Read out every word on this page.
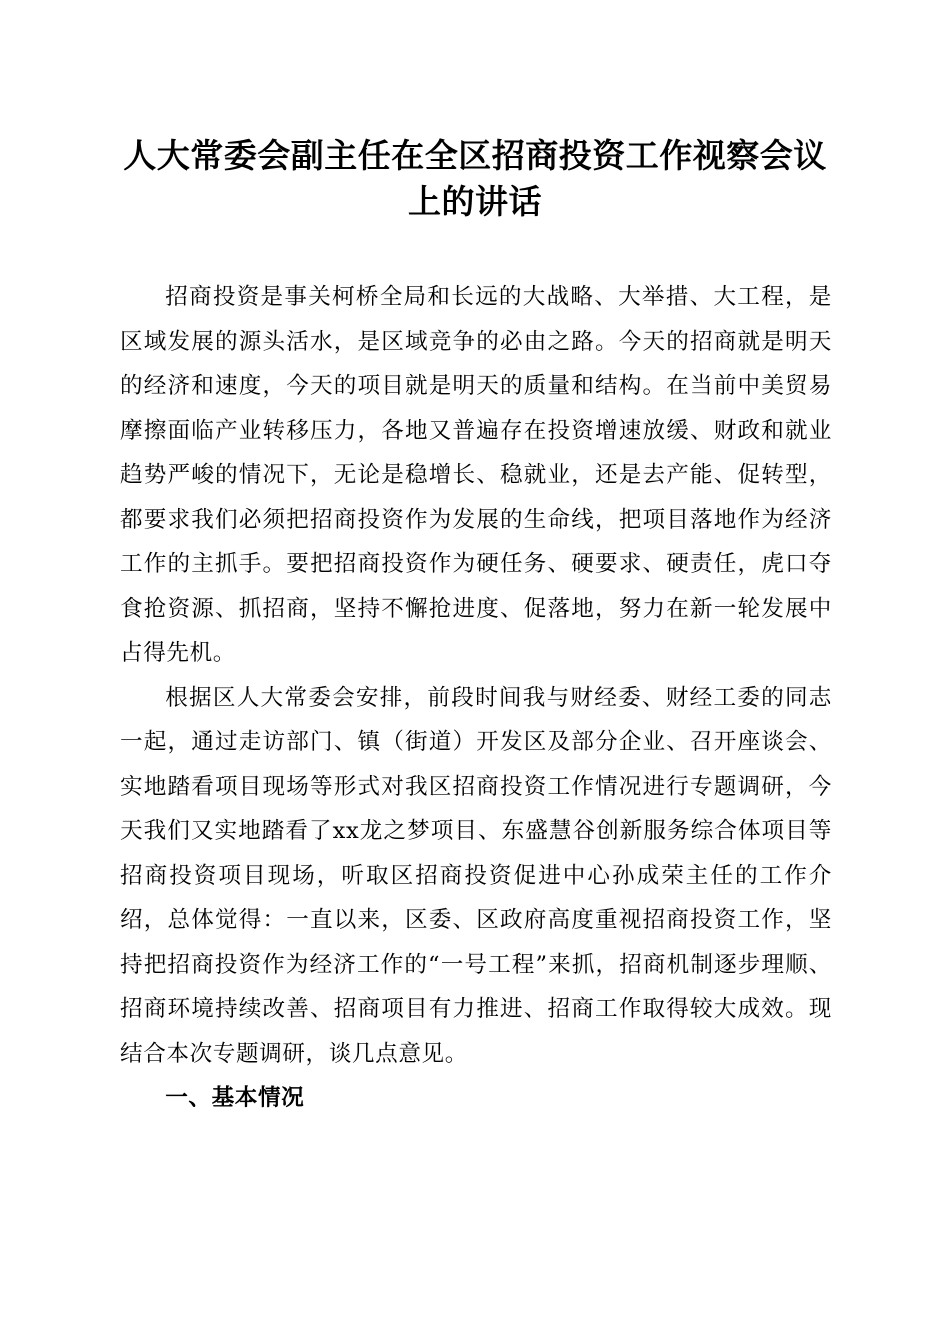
人大常委会副主任在全区招商投资工作视察会议上的讲话

招商投资是事关柯桥全局和长远的大战略、大举措、大工程，是区域发展的源头活水，是区域竞争的必由之路。今天的招商就是明天的经济和速度，今天的项目就是明天的质量和结构。在当前中美贸易摩擦面临产业转移压力，各地又普遍存在投资增速放缓、财政和就业趋势严峻的情况下，无论是稳增长、稳就业，还是去产能、促转型，都要求我们必须把招商投资作为发展的生命线，把项目落地作为经济工作的主抓手。要把招商投资作为硬任务、硬要求、硬责任，虎口夺食抢资源、抓招商，坚持不懈抢进度、促落地，努力在新一轮发展中占得先机。

根据区人大常委会安排，前段时间我与财经委、财经工委的同志一起，通过走访部门、镇（街道）开发区及部分企业、召开座谈会、实地踏看项目现场等形式对我区招商投资工作情况进行专题调研，今天我们又实地踏看了xx龙之梦项目、东盛慧谷创新服务综合体项目等招商投资项目现场，听取区招商投资促进中心孙成荣主任的工作介绍，总体觉得：一直以来，区委、区政府高度重视招商投资工作，坚持把招商投资作为经济工作的“一号工程”来抓，招商机制逐步理顺、招商环境持续改善、招商项目有力推进、招商工作取得较大成效。现结合本次专题调研，谈几点意见。

一、基本情况
